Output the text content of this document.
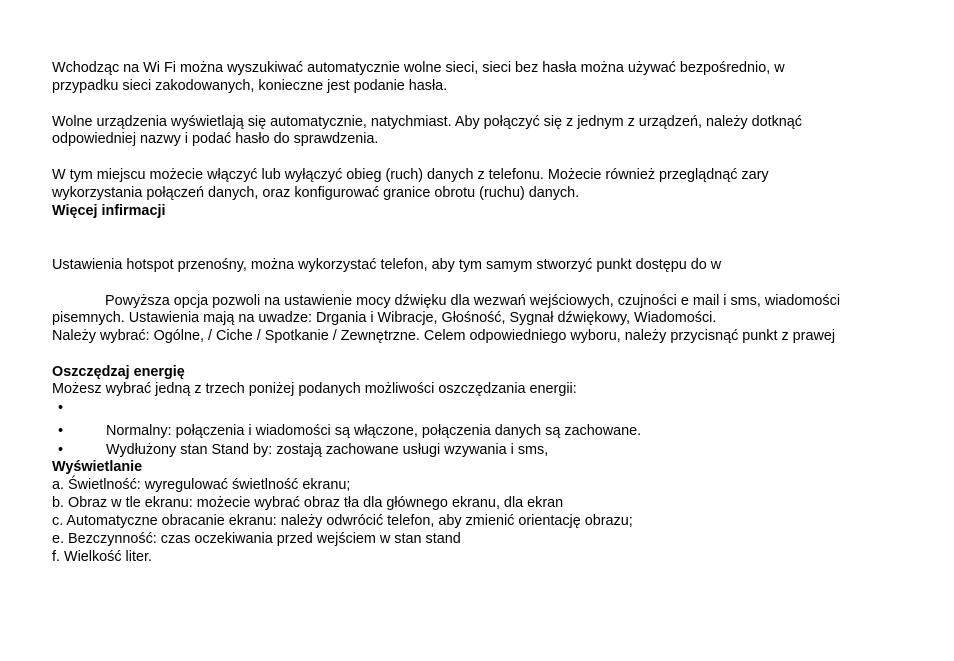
Wchodząc na Wi Fi można wyszukiwać automatycznie wolne sieci, sieci bez hasła można używać bezpośrednio, w
przypadku sieci zakodowanych, konieczne jest podanie hasła.
Wolne urządzenia wyświetlają się automatycznie, natychmiast. Aby połączyć się z jednym z urządzeń, należy dotknąć
odpowiedniej nazwy i podać hasło do sprawdzenia.
W tym miejscu możecie włączyć lub wyłączyć obieg (ruch) danych z telefonu. Możecie również przeglądnąć zary
wykorzystania połączeń danych, oraz konfigurować granice obrotu (ruchu) danych.
Więcej infirmacji
Ustawienia hotspot przenośny, można wykorzystać telefon, aby tym samym stworzyć punkt dostępu do w
Powyższa opcja pozwoli na ustawienie mocy dźwięku dla wezwań wejściowych, czujności e mail i sms, wiadomości
pisemnych. Ustawienia mają na uwadze: Drgania i Wibracje, Głośność, Sygnał dźwiękowy, Wiadomości.
Należy wybrać: Ogólne, / Ciche / Spotkanie / Zewnętrzne. Celem odpowiedniego wyboru, należy przycisnąć punkt z prawej
Oszczędzaj energię
Możesz wybrać jedną z trzech poniżej podanych możliwości oszczędzania energii:
•
•	Normalny: połączenia i wiadomości są włączone, połączenia danych są zachowane.
•	Wydłużony stan Stand by: zostają zachowane usługi wzywania i sms,
Wyświetlanie
a. Świetlność: wyregulować świetlność ekranu;
b. Obraz w tle ekranu: możecie wybrać obraz tła dla głównego ekranu, dla ekran
c. Automatyczne obracanie ekranu: należy odwrócić telefon, aby zmienić orientację obrazu;
e. Bezczynność: czas oczekiwania przed wejściem w stan stand
f. Wielkość liter.
